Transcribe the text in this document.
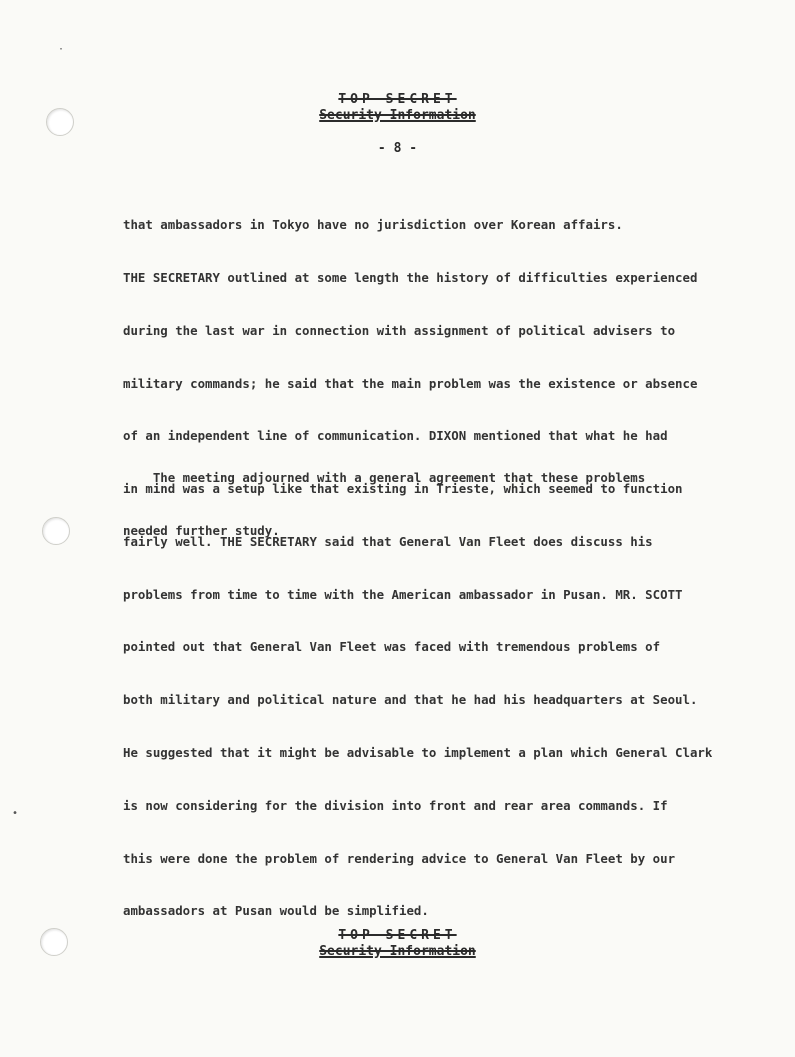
·
•
TOP SECRET
Security Information
- 8 -

that ambassadors in Tokyo have no jurisdiction over Korean affairs.

THE SECRETARY outlined at some length the history of difficulties experienced

during the last war in connection with assignment of political advisers to

military commands; he said that the main problem was the existence or absence

of an independent line of communication. DIXON mentioned that what he had

in mind was a setup like that existing in Trieste, which seemed to function

fairly well. THE SECRETARY said that General Van Fleet does discuss his

problems from time to time with the American ambassador in Pusan. MR. SCOTT

pointed out that General Van Fleet was faced with tremendous problems of

both military and political nature and that he had his headquarters at Seoul.

He suggested that it might be advisable to implement a plan which General Clark

is now considering for the division into front and rear area commands. If

this were done the problem of rendering advice to General Van Fleet by our

ambassadors at Pusan would be simplified.

The meeting adjourned with a general agreement that these problems

needed further study.

TOP SECRET
Security Information
